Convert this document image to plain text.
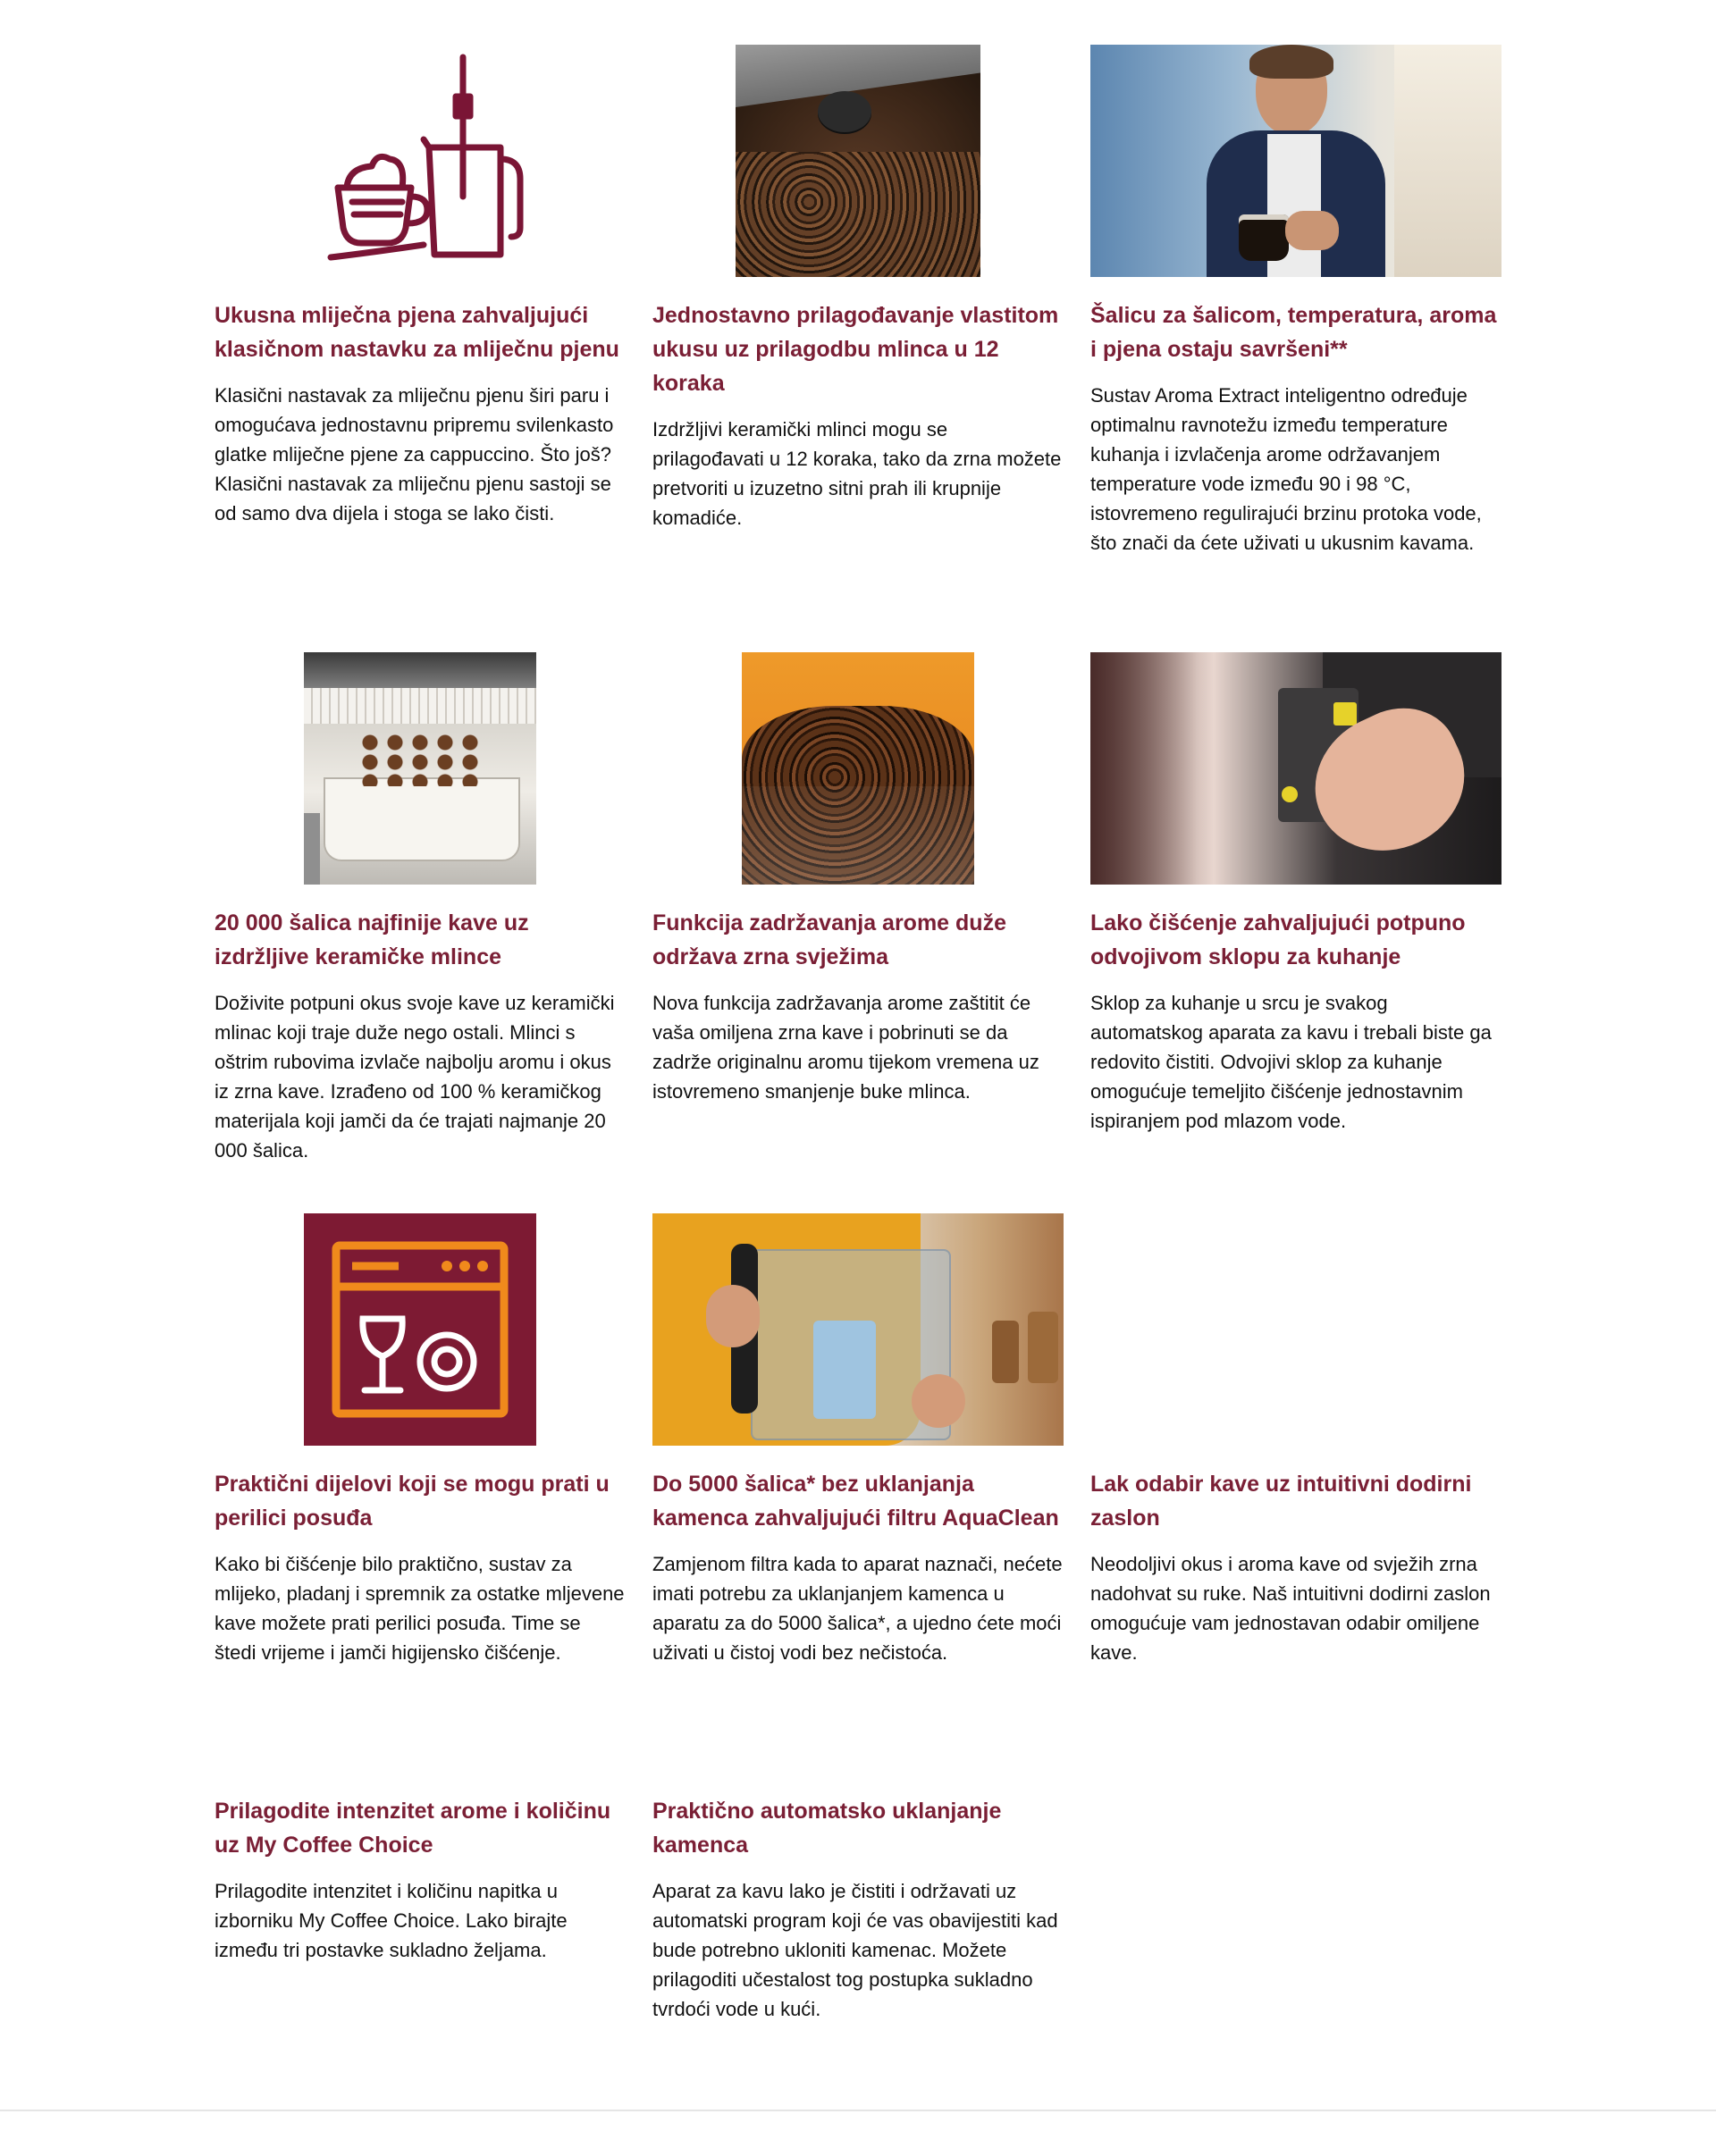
Ukusna mliječna pjena zahvaljujući klasičnom nastavku za mliječnu pjenu

Klasični nastavak za mliječnu pjenu širi paru i omogućava jednostavnu pripremu svilenkasto glatke mliječne pjene za cappuccino. Što još? Klasični nastavak za mliječnu pjenu sastoji se od samo dva dijela i stoga se lako čisti.

Jednostavno prilagođavanje vlastitom ukusu uz prilagodbu mlinca u 12 koraka

Izdržljivi keramički mlinci mogu se prilagođavati u 12 koraka, tako da zrna možete pretvoriti u izuzetno sitni prah ili krupnije komadiće.

Šalicu za šalicom, temperatura, aroma i pjena ostaju savršeni**

Sustav Aroma Extract inteligentno određuje optimalnu ravnotežu između temperature kuhanja i izvlačenja arome održavanjem temperature vode između 90 i 98 °C, istovremeno regulirajući brzinu protoka vode, što znači da ćete uživati u ukusnim kavama.

20 000 šalica najfinije kave uz izdržljive keramičke mlince

Doživite potpuni okus svoje kave uz keramički mlinac koji traje duže nego ostali. Mlinci s oštrim rubovima izvlače najbolju aromu i okus iz zrna kave. Izrađeno od 100 % keramičkog materijala koji jamči da će trajati najmanje 20 000 šalica.

Funkcija zadržavanja arome duže održava zrna svježima

Nova funkcija zadržavanja arome zaštitit će vaša omiljena zrna kave i pobrinuti se da zadrže originalnu aromu tijekom vremena uz istovremeno smanjenje buke mlinca.

Lako čišćenje zahvaljujući potpuno odvojivom sklopu za kuhanje

Sklop za kuhanje u srcu je svakog automatskog aparata za kavu i trebali biste ga redovito čistiti. Odvojivi sklop za kuhanje omogućuje temeljito čišćenje jednostavnim ispiranjem pod mlazom vode.

Praktični dijelovi koji se mogu prati u perilici posuđa

Kako bi čišćenje bilo praktično, sustav za mlijeko, pladanj i spremnik za ostatke mljevene kave možete prati perilici posuđa. Time se štedi vrijeme i jamči higijensko čišćenje.

Do 5000 šalica* bez uklanjanja kamenca zahvaljujući filtru AquaClean

Zamjenom filtra kada to aparat naznači, nećete imati potrebu za uklanjanjem kamenca u aparatu za do 5000 šalica*, a ujedno ćete moći uživati u čistoj vodi bez nečistoća.

Lak odabir kave uz intuitivni dodirni zaslon

Neodoljivi okus i aroma kave od svježih zrna nadohvat su ruke. Naš intuitivni dodirni zaslon omogućuje vam jednostavan odabir omiljene kave.

Prilagodite intenzitet arome i količinu uz My Coffee Choice

Prilagodite intenzitet i količinu napitka u izborniku My Coffee Choice. Lako birajte između tri postavke sukladno željama.

Praktično automatsko uklanjanje kamenca

Aparat za kavu lako je čistiti i održavati uz automatski program koji će vas obavijestiti kad bude potrebno ukloniti kamenac. Možete prilagoditi učestalost tog postupka sukladno tvrdoći vode u kući.
